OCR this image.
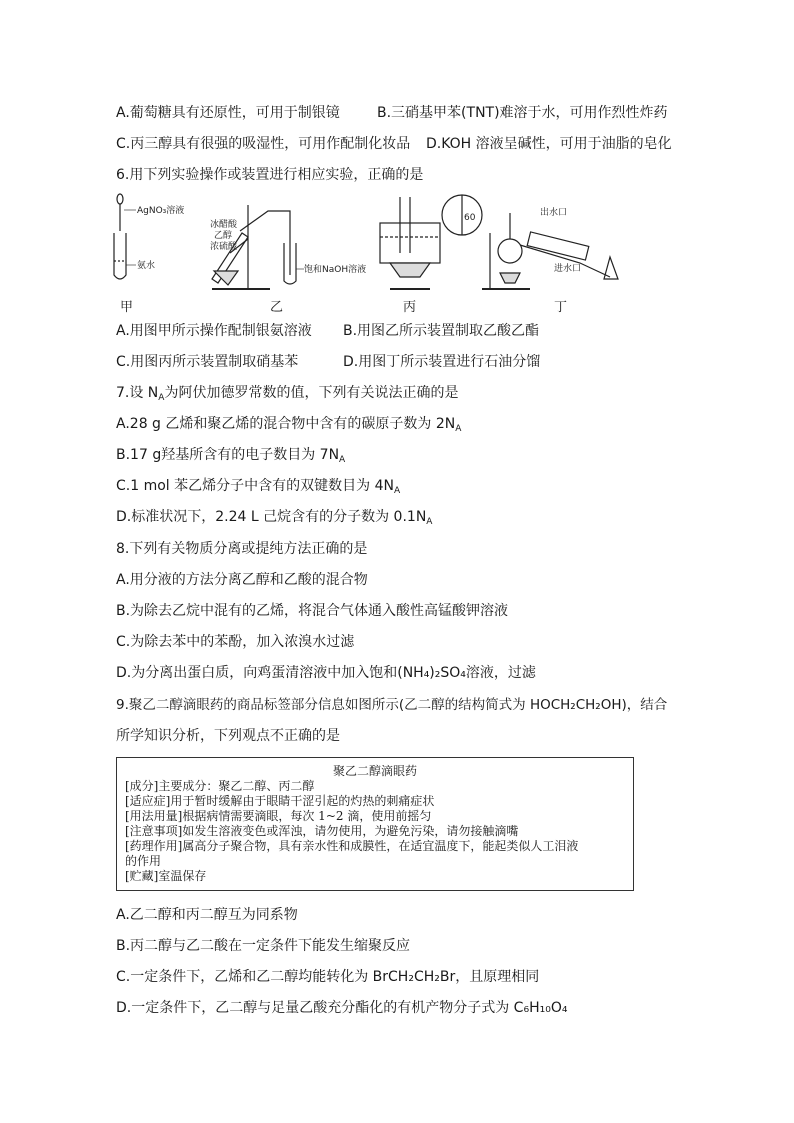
A.葡萄糖具有还原性，可用于制银镜	B.三硝基甲苯(TNT)难溶于水，可用作烈性炸药
C.丙三醇具有很强的吸湿性，可用作配制化妆品 D.KOH 溶液呈碱性，可用于油脂的皂化
6.用下列实验操作或装置进行相应实验，正确的是
AgNO₃溶液
氨水
冰醋酸
乙醇
浓硫酸
饱和NaOH溶液
60	出水口
进水口
甲	乙	丙	丁
A.用图甲所示操作配制银氨溶液 B.用图乙所示装置制取乙酸乙酯
C.用图丙所示装置制取硝基苯	D.用图丁所示装置进行石油分馏
7.设 $N_A$为阿伏加德罗常数的值，下列有关说法正确的是
A.28 g 乙烯和聚乙烯的混合物中含有的碳原子数为 $2N_A$
B.17 g羟基所含有的电子数目为 $7N_A$
C.1 mol 苯乙烯分子中含有的双键数目为 $4N_A$
D.标准状况下，2.24 L 己烷含有的分子数为 $0.1N_A$
8.下列有关物质分离或提纯方法正确的是
A.用分液的方法分离乙醇和乙酸的混合物
B.为除去乙烷中混有的乙烯，将混合气体通入酸性高锰酸钾溶液
C.为除去苯中的苯酚，加入浓溴水过滤
D.为分离出蛋白质，向鸡蛋清溶液中加入饱和(NH₄)₂SO₄溶液，过滤
9.聚乙二醇滴眼药的商品标签部分信息如图所示(乙二醇的结构简式为 HOCH₂CH₂OH)，结合
所学知识分析，下列观点不正确的是
聚乙二醇滴眼药
[成分]主要成分：聚乙二醇、丙二醇
[适应症]用于暂时缓解由于眼睛干涩引起的灼热的刺痛症状
[用法用量]根据病情需要滴眼，每次 1~2 滴，使用前摇匀
[注意事项]如发生溶液变色或浑浊，请勿使用，为避免污染，请勿接触滴嘴
[药理作用]属高分子聚合物，具有亲水性和成膜性，在适宜温度下，能起类似人工泪液
的作用
[贮藏]室温保存
A.乙二醇和丙二醇互为同系物
B.丙二醇与乙二酸在一定条件下能发生缩聚反应
C.一定条件下，乙烯和乙二醇均能转化为 BrCH₂CH₂Br，且原理相同
D.一定条件下，乙二醇与足量乙酸充分酯化的有机产物分子式为 C₆H₁₀O₄
